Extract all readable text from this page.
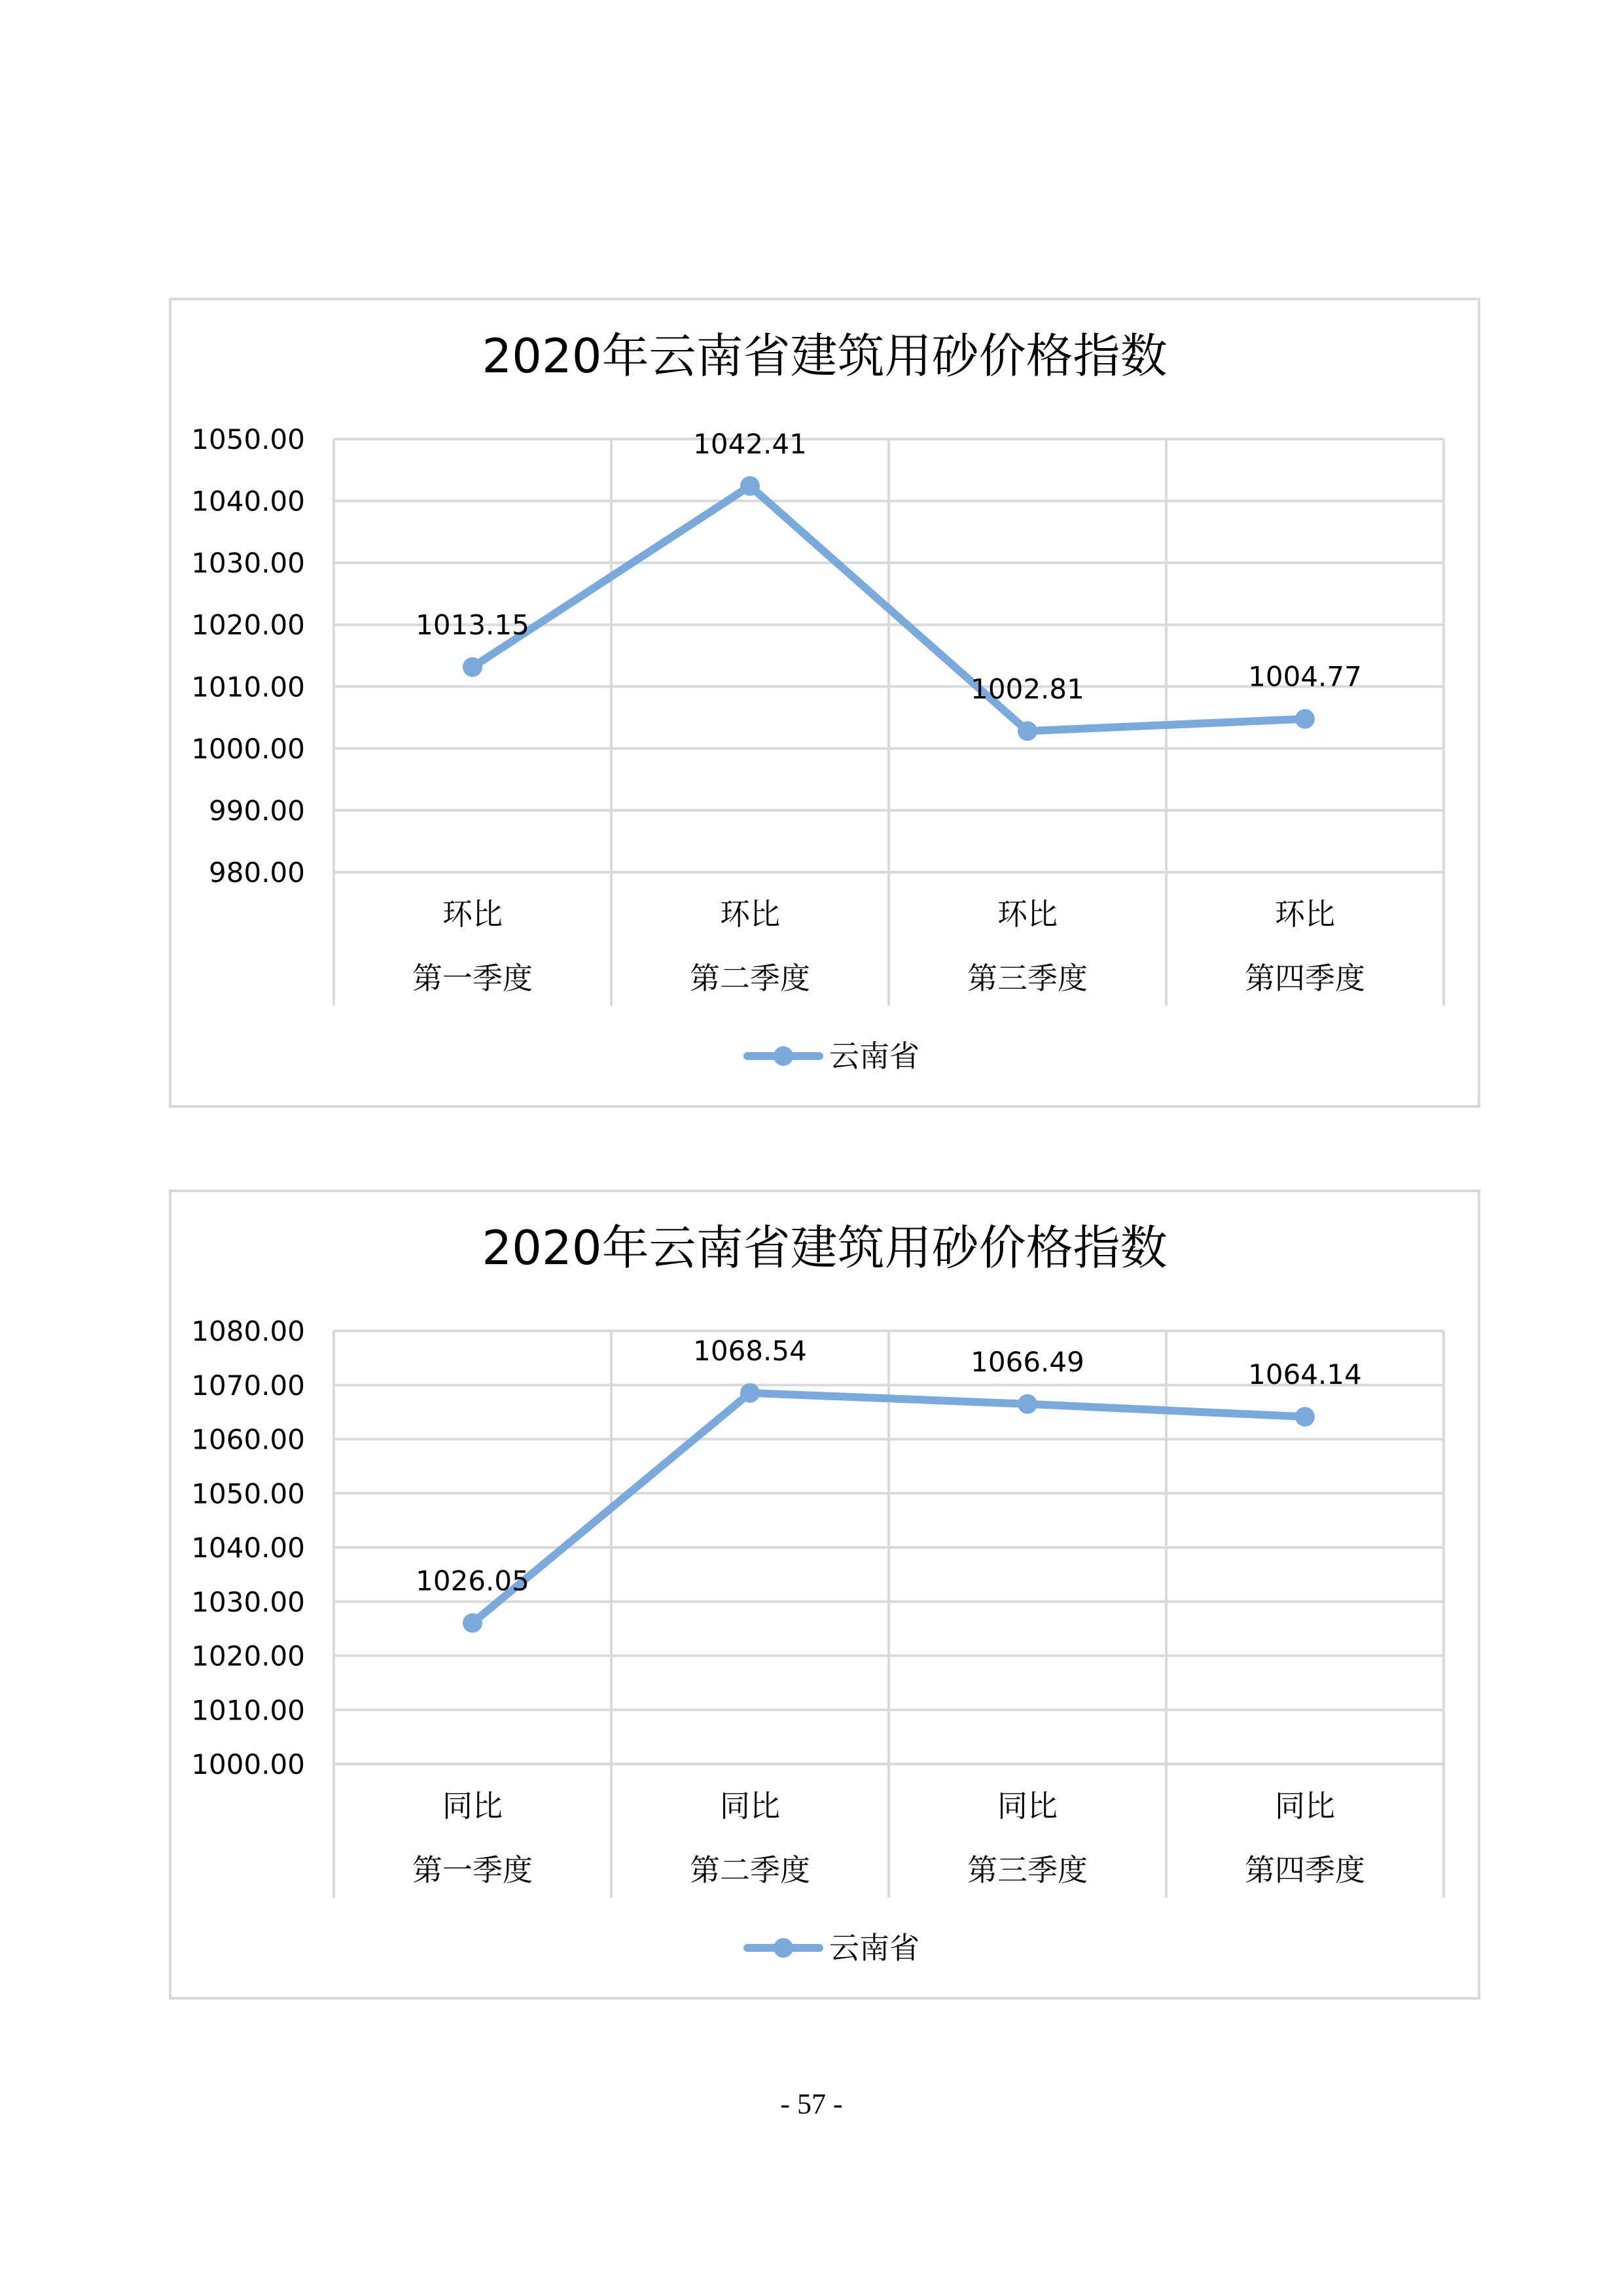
2020年云南省建筑用砂价格指数
1050.00
1040.00
1030.00
1020.00
1010.00
1000.00
990.00
980.00
环比
第一季度
环比
第二季度
环比
第三季度
环比
第四季度
1013.15
1042.41
1002.81	1004.77
云南省
2020年云南省建筑用砂价格指数
1080.00
1070.00
1060.00
1050.00
1040.00
1030.00
1020.00
1010.00
1000.00
同比
第一季度
同比
第二季度
同比
第三季度
同比
第四季度
1026.05
1068.54	1066.49	1064.14
云南省
- 57 -
